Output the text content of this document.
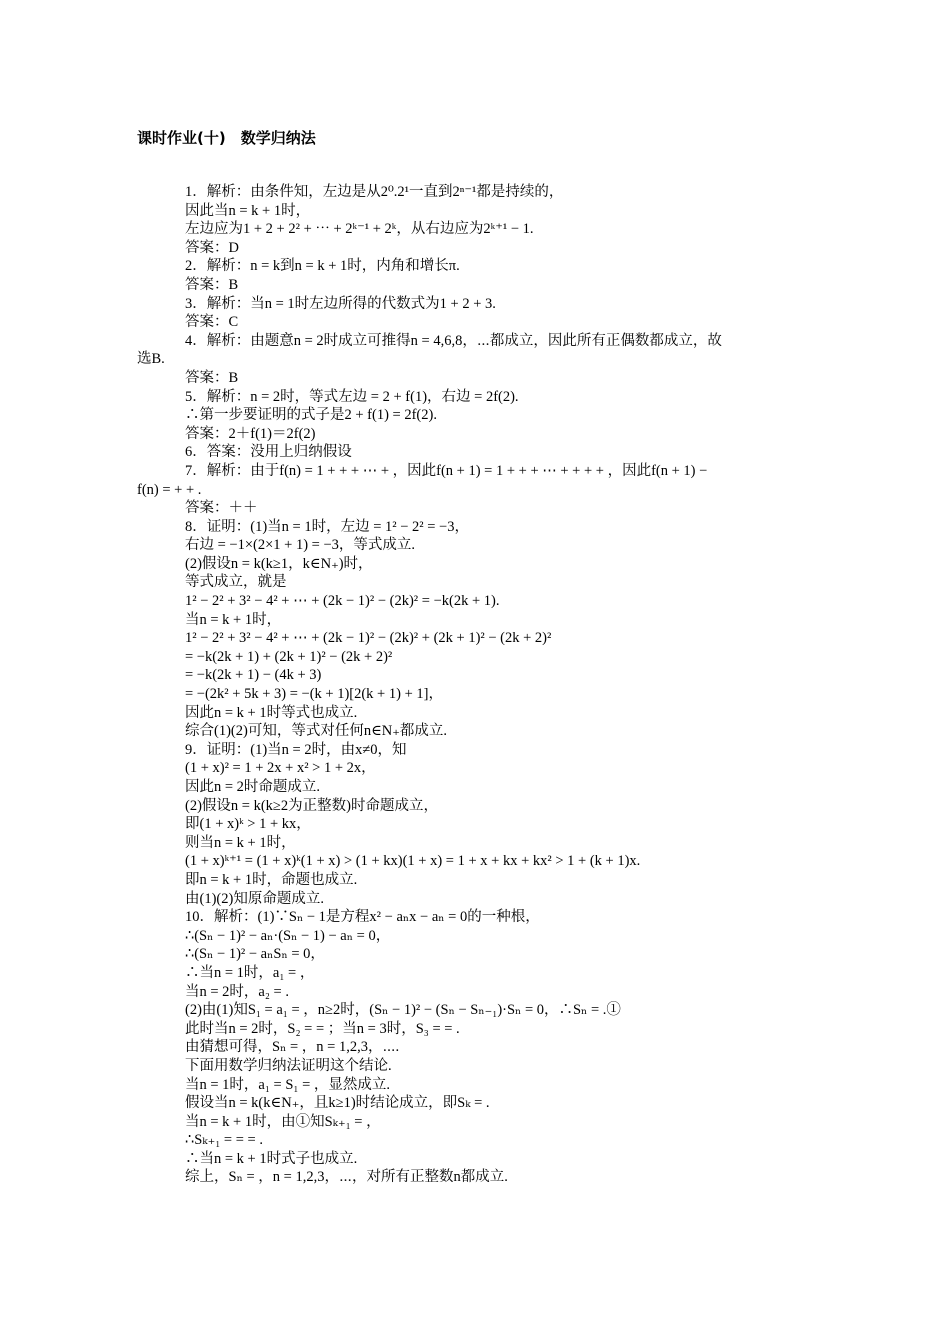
课时作业(十)　数学归纳法
1．解析：由条件知，左边是从2⁰.2¹一直到2ⁿ⁻¹都是持续的，
因此当n = k + 1时，
左边应为1 + 2 + 2² + ⋯ + 2ᵏ⁻¹ + 2ᵏ，从右边应为2ᵏ⁺¹ − 1.
答案：D
2．解析：n = k到n = k + 1时，内角和增长π.
答案：B
3．解析：当n = 1时左边所得的代数式为1 + 2 + 3.
答案：C
4．解析：由题意n = 2时成立可推得n = 4,6,8，⋯都成立，因此所有正偶数都成立，故
选B.
答案：B
5．解析：n = 2时，等式左边 = 2 + f(1)，右边 = 2f(2).
∴第一步要证明的式子是2 + f(1) = 2f(2).
答案：2＋f(1)＝2f(2)
6．答案：没用上归纳假设
7．解析：由于f(n) = 1 + + + ⋯ + ，因此f(n + 1) = 1 + + + ⋯ + + + + ，因此f(n + 1) −
f(n) = + + .
答案：＋＋
8．证明：(1)当n = 1时，左边 = 1² − 2² = −3，
右边 = −1×(2×1 + 1) = −3，等式成立.
(2)假设n = k(k≥1，k∈N₊)时，
等式成立，就是
1² − 2² + 3² − 4² + ⋯ + (2k − 1)² − (2k)² = −k(2k + 1).
当n = k + 1时，
1² − 2² + 3² − 4² + ⋯ + (2k − 1)² − (2k)² + (2k + 1)² − (2k + 2)²
= −k(2k + 1) + (2k + 1)² − (2k + 2)²
= −k(2k + 1) − (4k + 3)
= −(2k² + 5k + 3) = −(k + 1)[2(k + 1) + 1]，
因此n = k + 1时等式也成立.
综合(1)(2)可知，等式对任何n∈N₊都成立.
9．证明：(1)当n = 2时，由x≠0，知
(1 + x)² = 1 + 2x + x² > 1 + 2x，
因此n = 2时命题成立.
(2)假设n = k(k≥2为正整数)时命题成立，
即(1 + x)ᵏ > 1 + kx，
则当n = k + 1时，
(1 + x)ᵏ⁺¹ = (1 + x)ᵏ(1 + x) > (1 + kx)(1 + x) = 1 + x + kx + kx² > 1 + (k + 1)x.
即n = k + 1时，命题也成立.
由(1)(2)知原命题成立.
10．解析：(1)∵Sₙ − 1是方程x² − aₙx − aₙ = 0的一种根，
∴(Sₙ − 1)² − aₙ·(Sₙ − 1) − aₙ = 0，
∴(Sₙ − 1)² − aₙSₙ = 0，
∴当n = 1时，a₁ = ，
当n = 2时，a₂ = .
(2)由(1)知S₁ = a₁ = ，n≥2时，(Sₙ − 1)² − (Sₙ − Sₙ₋₁)·Sₙ = 0，∴Sₙ = .①
此时当n = 2时，S₂ = = ；当n = 3时，S₃ = = .
由猜想可得，Sₙ = ，n = 1,2,3，⋯.
下面用数学归纳法证明这个结论.
当n = 1时，a₁ = S₁ = ，显然成立.
假设当n = k(k∈N₊，且k≥1)时结论成立，即Sₖ = .
当n = k + 1时，由①知Sₖ₊₁ = ，
∴Sₖ₊₁ = = = .
∴当n = k + 1时式子也成立.
综上，Sₙ = ，n = 1,2,3，⋯，对所有正整数n都成立.
